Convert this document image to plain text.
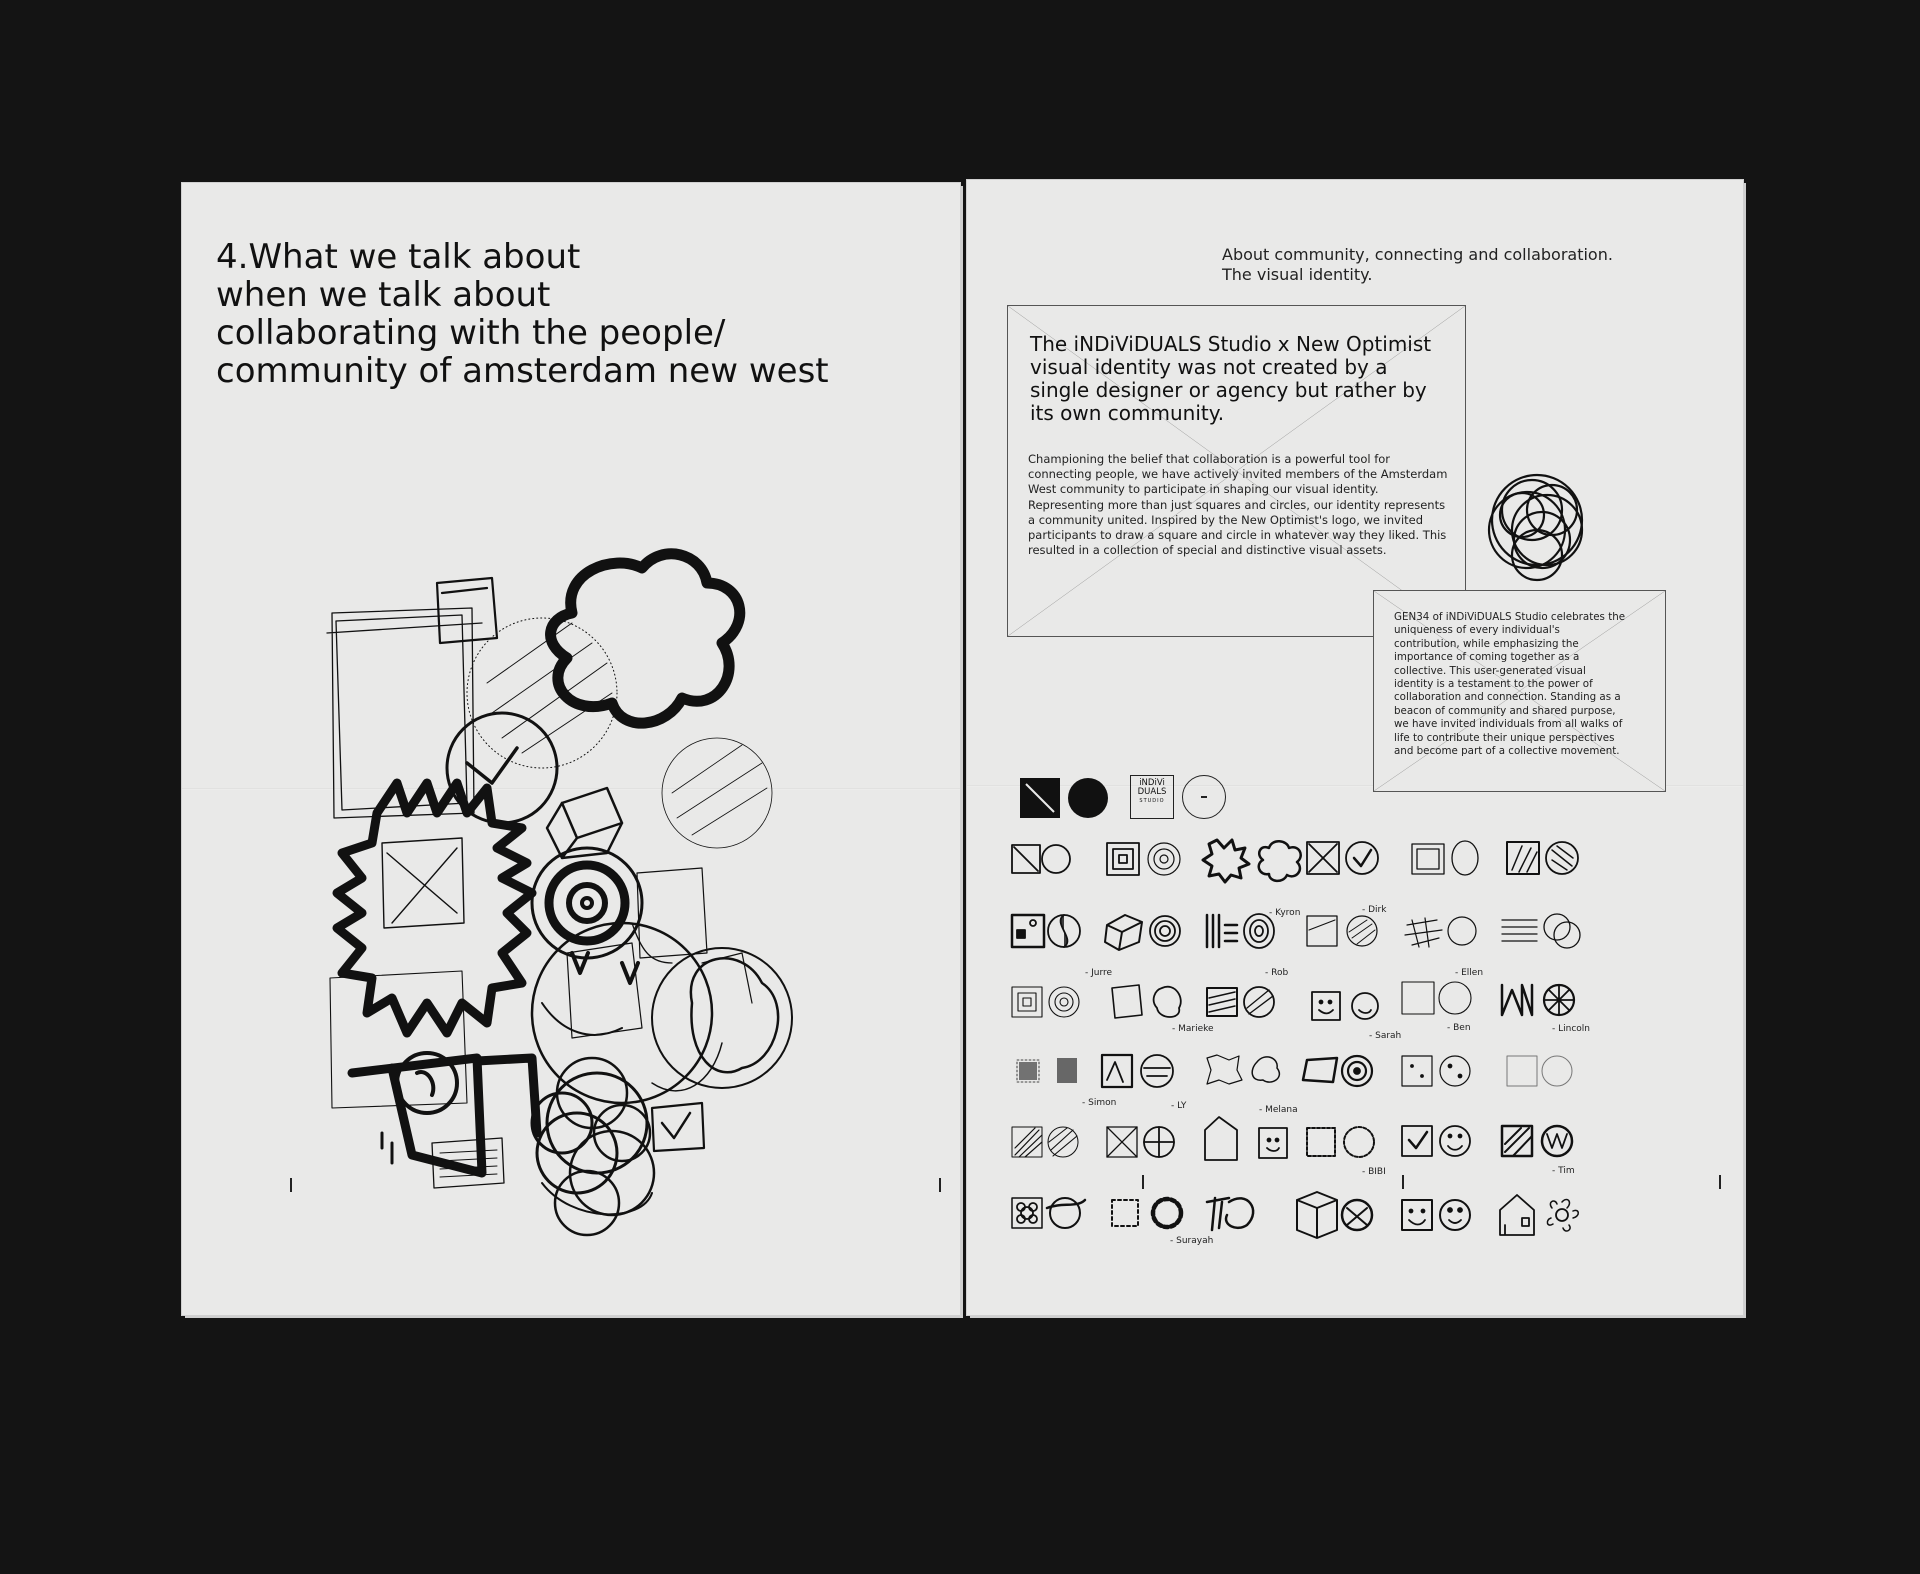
4.What we talk about
when we talk about
collaborating with the people/
community of amsterdam new west
About community, connecting and collaboration.
The visual identity.

The iNDiViDUALS Studio x New Optimist visual identity was not created by a single designer or agency but rather by its own community.

Championing the belief that collaboration is a powerful tool for connecting people, we have actively invited members of the Amsterdam West community to participate in shaping our visual identity. Representing more than just squares and circles, our identity represents a community united. Inspired by the New Optimist's logo, we invited participants to draw a square and circle in whatever way they liked. This resulted in a collection of special and distinctive visual assets.

GEN34 of iNDiViDUALS Studio celebrates the uniqueness of every individual's contribution, while emphasizing the importance of coming together as a collective. This user-generated visual identity is a testament to the power of collaboration and connection. Standing as a beacon of community and shared purpose, we have invited individuals from all walks of life to contribute their unique perspectives and become part of a collective movement.

iNDiVi
DUALS
STUDIO
- Kyron	- Dirk
- Jurre	- Rob	- Ellen
- Marieke
- Sarah
- Ben	- Lincoln
- Simon	- LY	- Melana
- BIBI	- Tim
- Surayah
